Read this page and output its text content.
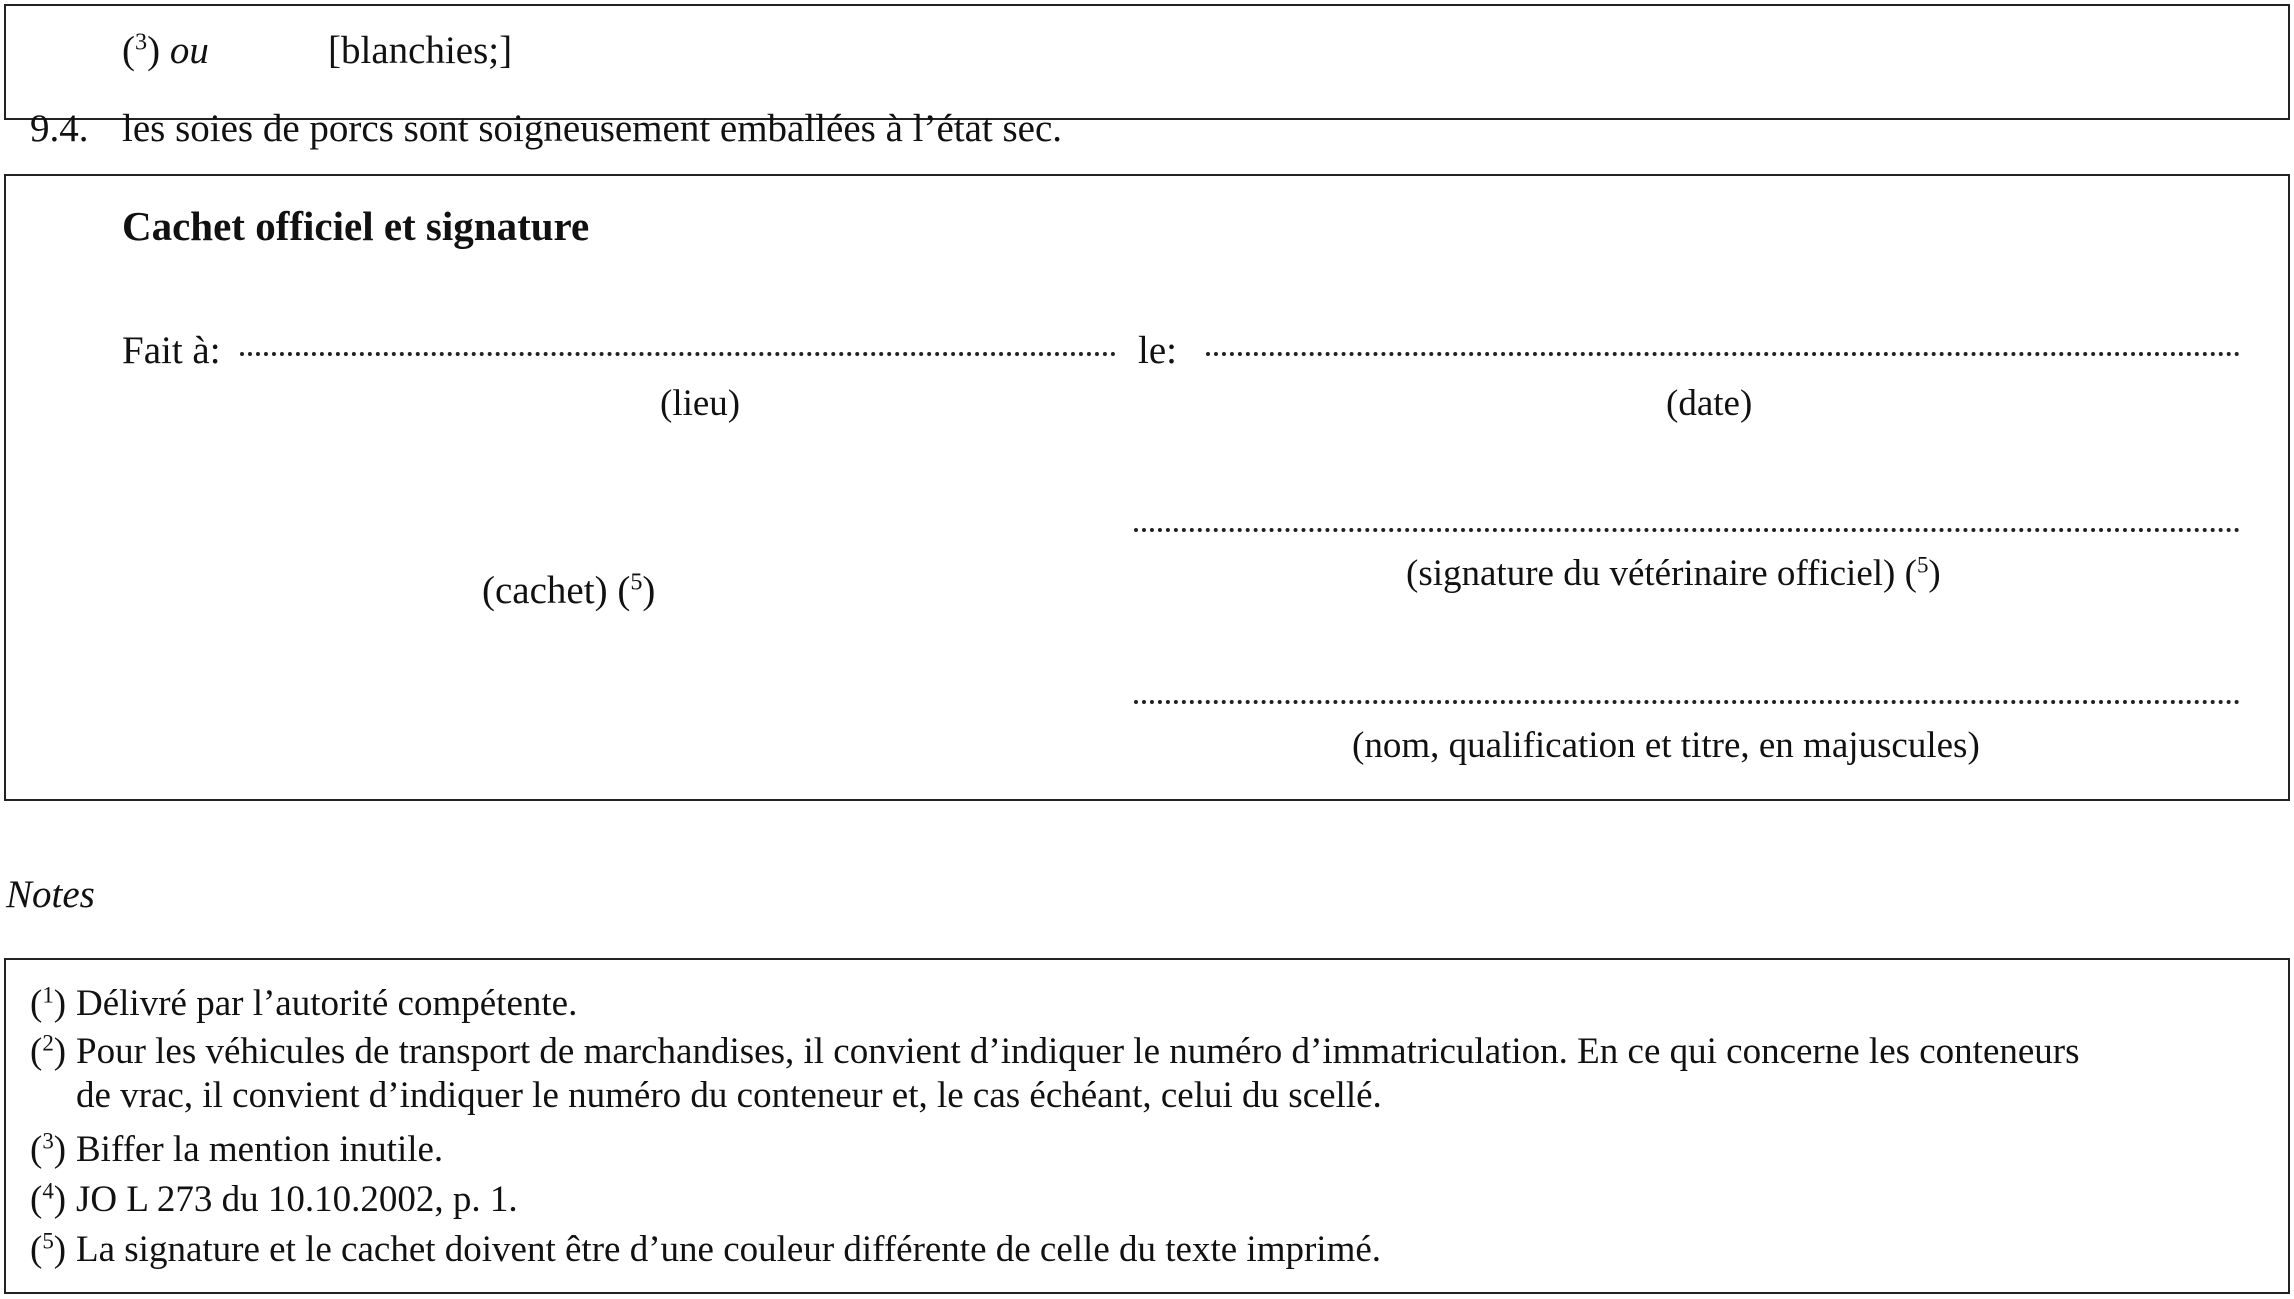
($^3$) ou	[blanchies;]
9.4. les soies de porcs sont soigneusement emballées à l’état sec.
Cachet officiel et signature
Fait à:
(lieu)
le:
(date)
(cachet) ($^5$)	(signature du vétérinaire officiel) ($^5$)
(nom, qualification et titre, en majuscules)
Notes
($^1$) Délivré par l’autorité compétente.
($^2$) Pour les véhicules de transport de marchandises, il convient d’indiquer le numéro d’immatriculation. En ce qui concerne les conteneurs
de vrac, il convient d’indiquer le numéro du conteneur et, le cas échéant, celui du scellé.
($^3$) Biffer la mention inutile.
($^4$) JO L 273 du 10.10.2002, p. 1.
($^5$) La signature et le cachet doivent être d’une couleur différente de celle du texte imprimé.
